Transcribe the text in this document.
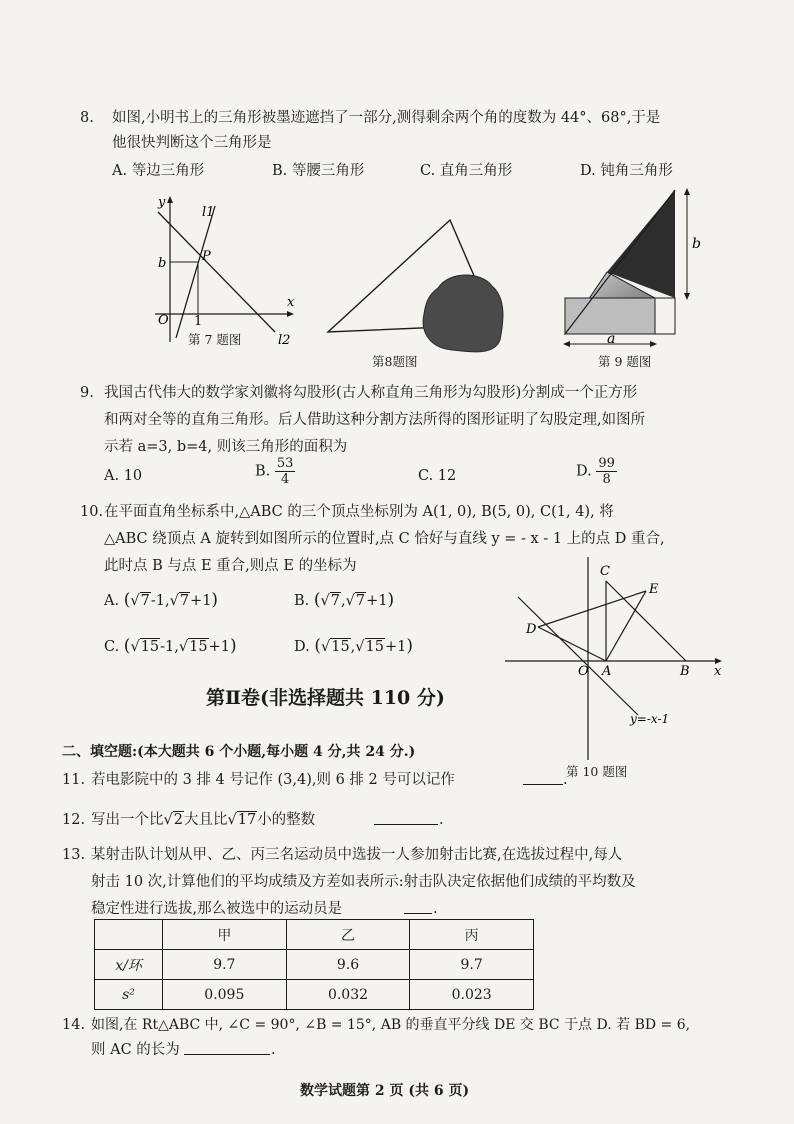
8. 如图,小明书上的三角形被墨迹遮挡了一部分,测得剩余两个角的度数为 44°、68°,于是
他很快判断这个三角形是
A. 等边三角形	B. 等腰三角形	C. 直角三角形	D. 钝角三角形
y
x
l1
l2
b	P
O 1
第 7 题图
第8题图
b
a
第 9 题图
9. 我国古代伟大的数学家刘徽将勾股形(古人称直角三角形为勾股形)分割成一个正方形
和两对全等的直角三角形。后人借助这种分割方法所得的图形证明了勾股定理,如图所
示若 a=3, b=4, 则该三角形的面积为
A. 10	B. $\frac{53}{4}$	C. 12	D. $\frac{99}{8}$
10. 在平面直角坐标系中,△ABC 的三个顶点坐标别为 A(1, 0), B(5, 0), C(1, 4), 将
△ABC 绕顶点 A 旋转到如图所示的位置时,点 C 恰好与直线 y = - x - 1 上的点 D 重合,
此时点 B 与点 E 重合,则点 E 的坐标为
A. (√7-1,√7+1)	B. (√7,√7+1)
C. (√15-1,√15+1)	D. (√15,√15+1)
C
E
D
O A	B x
y=-x-1
第 10 题图
第Ⅱ卷(非选择题共 110 分)
二、填空题:(本大题共 6 个小题,每小题 4 分,共 24 分.)
11. 若电影院中的 3 排 4 号记作 (3,4),则 6 排 2 号可以记作	.
12. 写出一个比√2大且比√17小的整数	.
13. 某射击队计划从甲、乙、丙三名运动员中选拔一人参加射击比赛,在选拔过程中,每人
射击 10 次,计算他们的平均成绩及方差如表所示:射击队决定依据他们成绩的平均数及
稳定性进行选拔,那么被选中的运动员是	.
	甲	乙	丙
x/环	9.7	9.6	9.7
s²	0.095	0.032	0.023
14. 如图,在 Rt△ABC 中, ∠C = 90°, ∠B = 15°, AB 的垂直平分线 DE 交 BC 于点 D. 若 BD = 6,
则 AC 的长为	.
数学试题第 2 页 (共 6 页)
